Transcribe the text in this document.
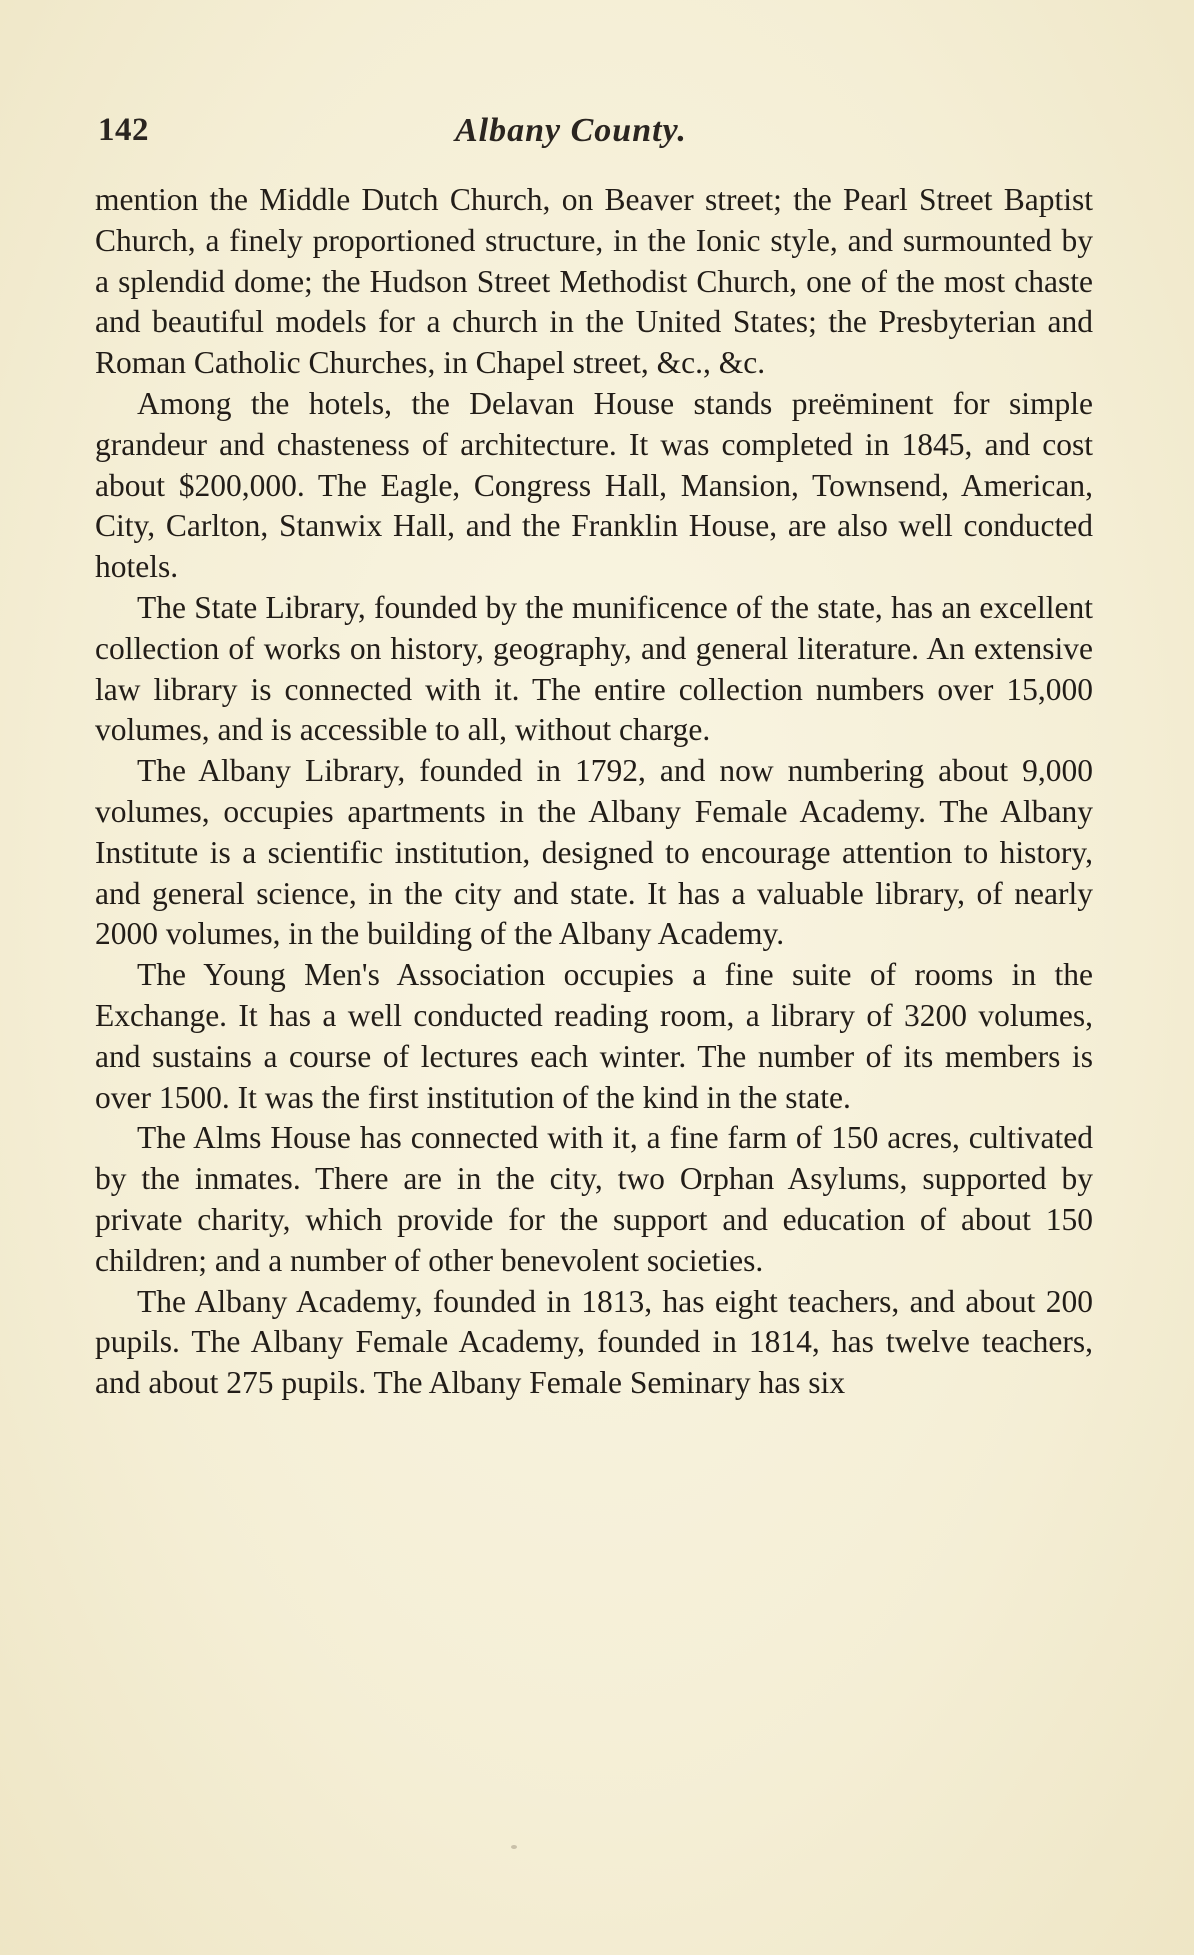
142	Albany County.

mention the Middle Dutch Church, on Beaver street; the Pearl Street Baptist Church, a finely proportioned structure, in the Ionic style, and surmounted by a splendid dome; the Hudson Street Methodist Church, one of the most chaste and beautiful models for a church in the United States; the Presbyterian and Roman Catholic Churches, in Chapel street, &c., &c.

Among the hotels, the Delavan House stands preëminent for simple grandeur and chasteness of architecture. It was completed in 1845, and cost about $200,000. The Eagle, Congress Hall, Mansion, Townsend, American, City, Carlton, Stanwix Hall, and the Franklin House, are also well conducted hotels.

The State Library, founded by the munificence of the state, has an excellent collection of works on history, geography, and general literature. An extensive law library is connected with it. The entire collection numbers over 15,000 volumes, and is accessible to all, without charge.

The Albany Library, founded in 1792, and now numbering about 9,000 volumes, occupies apartments in the Albany Female Academy. The Albany Institute is a scientific institution, designed to encourage attention to history, and general science, in the city and state. It has a valuable library, of nearly 2000 volumes, in the building of the Albany Academy.

The Young Men's Association occupies a fine suite of rooms in the Exchange. It has a well conducted reading room, a library of 3200 volumes, and sustains a course of lectures each winter. The number of its members is over 1500. It was the first institution of the kind in the state.

The Alms House has connected with it, a fine farm of 150 acres, cultivated by the inmates. There are in the city, two Orphan Asylums, supported by private charity, which provide for the support and education of about 150 children; and a number of other benevolent societies.

The Albany Academy, founded in 1813, has eight teachers, and about 200 pupils. The Albany Female Academy, founded in 1814, has twelve teachers, and about 275 pupils. The Albany Female Seminary has six
